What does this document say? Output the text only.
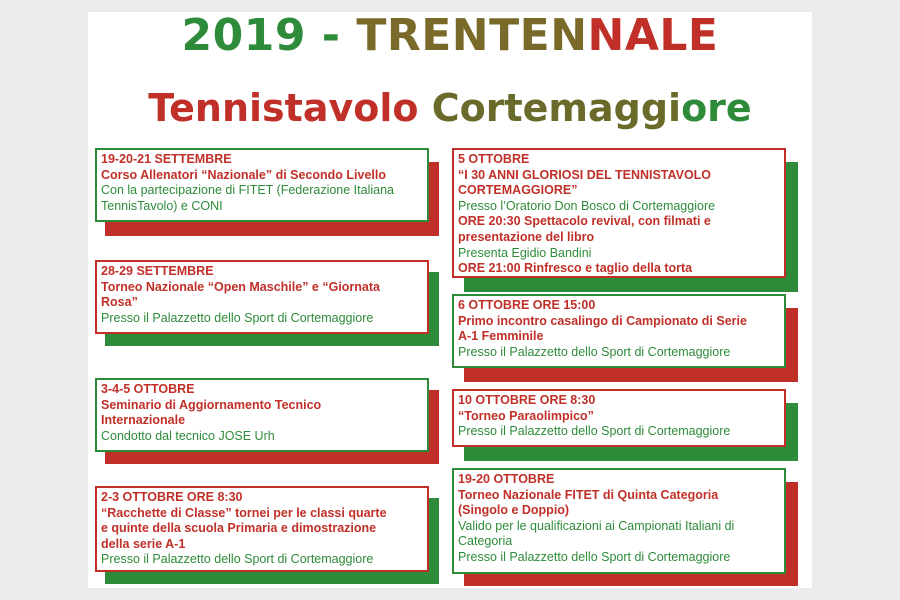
2019 - TRENTENNALE
Tennistavolo Cortemaggiore
19-20-21 SETTEMBRE
Corso Allenatori “Nazionale” di Secondo Livello
Con la partecipazione di FITET (Federazione Italiana
TennisTavolo) e CONI
28-29 SETTEMBRE
Torneo Nazionale “Open Maschile” e “Giornata
Rosa”
Presso il Palazzetto dello Sport di Cortemaggiore
3-4-5 OTTOBRE
Seminario di Aggiornamento Tecnico
Internazionale
Condotto dal tecnico JOSE Urh
2-3 OTTOBRE ORE 8:30
“Racchette di Classe” tornei per le classi quarte
e quinte della scuola Primaria e dimostrazione
della serie A-1
Presso il Palazzetto dello Sport di Cortemaggiore
5 OTTOBRE
“I 30 ANNI GLORIOSI DEL TENNISTAVOLO
CORTEMAGGIORE”
Presso l’Oratorio Don Bosco di Cortemaggiore
ORE 20:30 Spettacolo revival, con filmati e
presentazione del libro
Presenta Egidio Bandini
ORE 21:00 Rinfresco e taglio della torta
6 OTTOBRE ORE 15:00
Primo incontro casalingo di Campionato di Serie
A-1 Femminile
Presso il Palazzetto dello Sport di Cortemaggiore
10 OTTOBRE ORE 8:30
“Torneo Paraolimpico”
Presso il Palazzetto dello Sport di Cortemaggiore
19-20 OTTOBRE
Torneo Nazionale FITET di Quinta Categoria
(Singolo e Doppio)
Valido per le qualificazioni ai Campionati Italiani di
Categoria
Presso il Palazzetto dello Sport di Cortemaggiore
